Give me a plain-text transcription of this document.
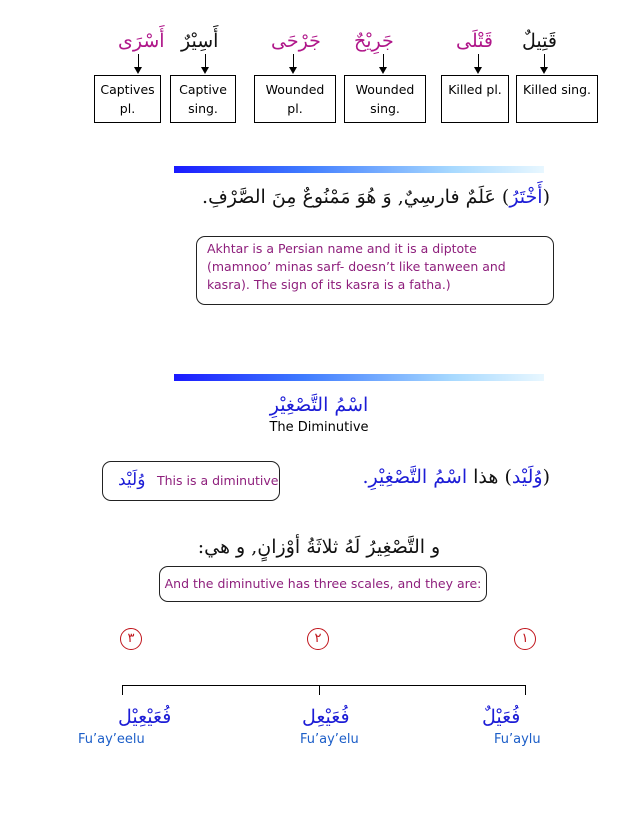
أَسْرَى أَسِيْرٌ	جَرْحَى جَرِيْحٌ	قَتْلَى قَتِيلٌ
Captives
pl.
Captive
sing.
Wounded
pl.
Wounded
sing.
Killed pl.	Killed sing.
(أَخْتَرُ) عَلَمٌ فارسِيٌ, وَ هُوَ مَمْنُوعٌ مِنَ الصَّرْفِ.
Akhtar is a Persian name and it is a diptote (mamnoo’ minas sarf- doesn’t like tanween and kasra). The sign of its kasra is a fatha.)
اسْمُ التَّصْغِيْرِ
The Diminutive
وُلَيْد This is a diminutive	(وُلَيْد) هذا اسْمُ التَّصْغِيْرِ.
و التَّصْغِيرُ لَهُ ثلاثَةُ أوْزانٍ, و هي:
And the diminutive has three scales, and they are:
٣	٢	١
فُعَيْعِيْل	فُعَيْعِل	فُعَيْلٌ
Fu’ay’eelu	Fu’ay’elu	Fu’aylu
